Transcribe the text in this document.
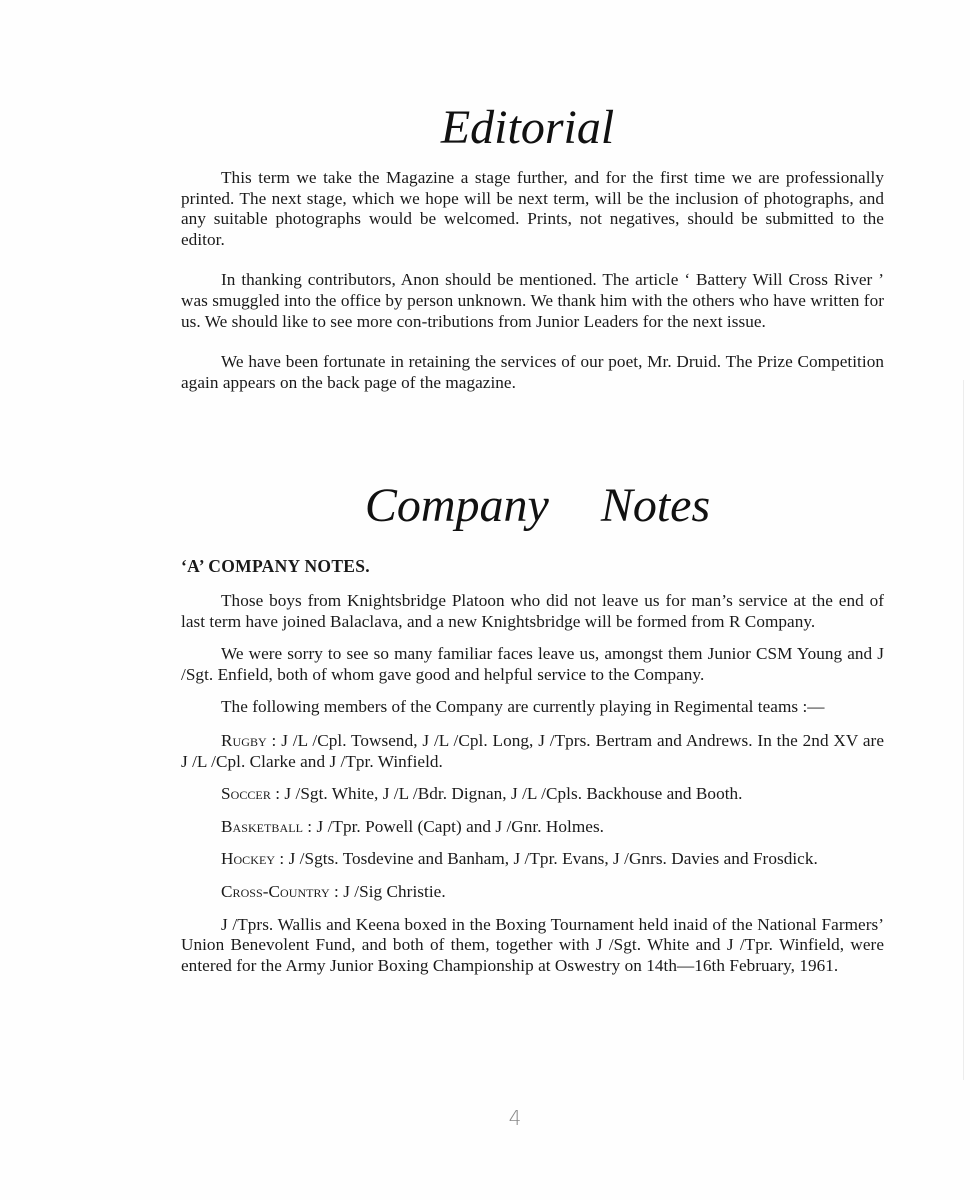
Editorial

This term we take the Magazine a stage further, and for the first time we are professionally printed. The next stage, which we hope will be next term, will be the inclusion of photographs, and any suitable photographs would be welcomed. Prints, not negatives, should be submitted to the editor.

In thanking contributors, Anon should be mentioned. The article ‘ Battery Will Cross River ’ was smuggled into the office by person unknown. We thank him with the others who have written for us. We should like to see more con-tributions from Junior Leaders for the next issue.

We have been fortunate in retaining the services of our poet, Mr. Druid. The Prize Competition again appears on the back page of the magazine.

Company Notes
‘A’ COMPANY NOTES.

Those boys from Knightsbridge Platoon who did not leave us for man’s service at the end of last term have joined Balaclava, and a new Knightsbridge will be formed from R Company.

We were sorry to see so many familiar faces leave us, amongst them Junior CSM Young and J /Sgt. Enfield, both of whom gave good and helpful service to the Company.

The following members of the Company are currently playing in Regimental teams :—

Rugby : J /L /Cpl. Towsend, J /L /Cpl. Long, J /Tprs. Bertram and Andrews. In the 2nd XV are J /L /Cpl. Clarke and J /Tpr. Winfield.

Soccer : J /Sgt. White, J /L /Bdr. Dignan, J /L /Cpls. Backhouse and Booth.

Basketball : J /Tpr. Powell (Capt) and J /Gnr. Holmes.

Hockey : J /Sgts. Tosdevine and Banham, J /Tpr. Evans, J /Gnrs. Davies and Frosdick.

Cross-Country : J /Sig Christie.

J /Tprs. Wallis and Keena boxed in the Boxing Tournament held inaid of the National Farmers’ Union Benevolent Fund, and both of them, together with J /Sgt. White and J /Tpr. Winfield, were entered for the Army Junior Boxing Championship at Oswestry on 14th—16th February, 1961.

4
